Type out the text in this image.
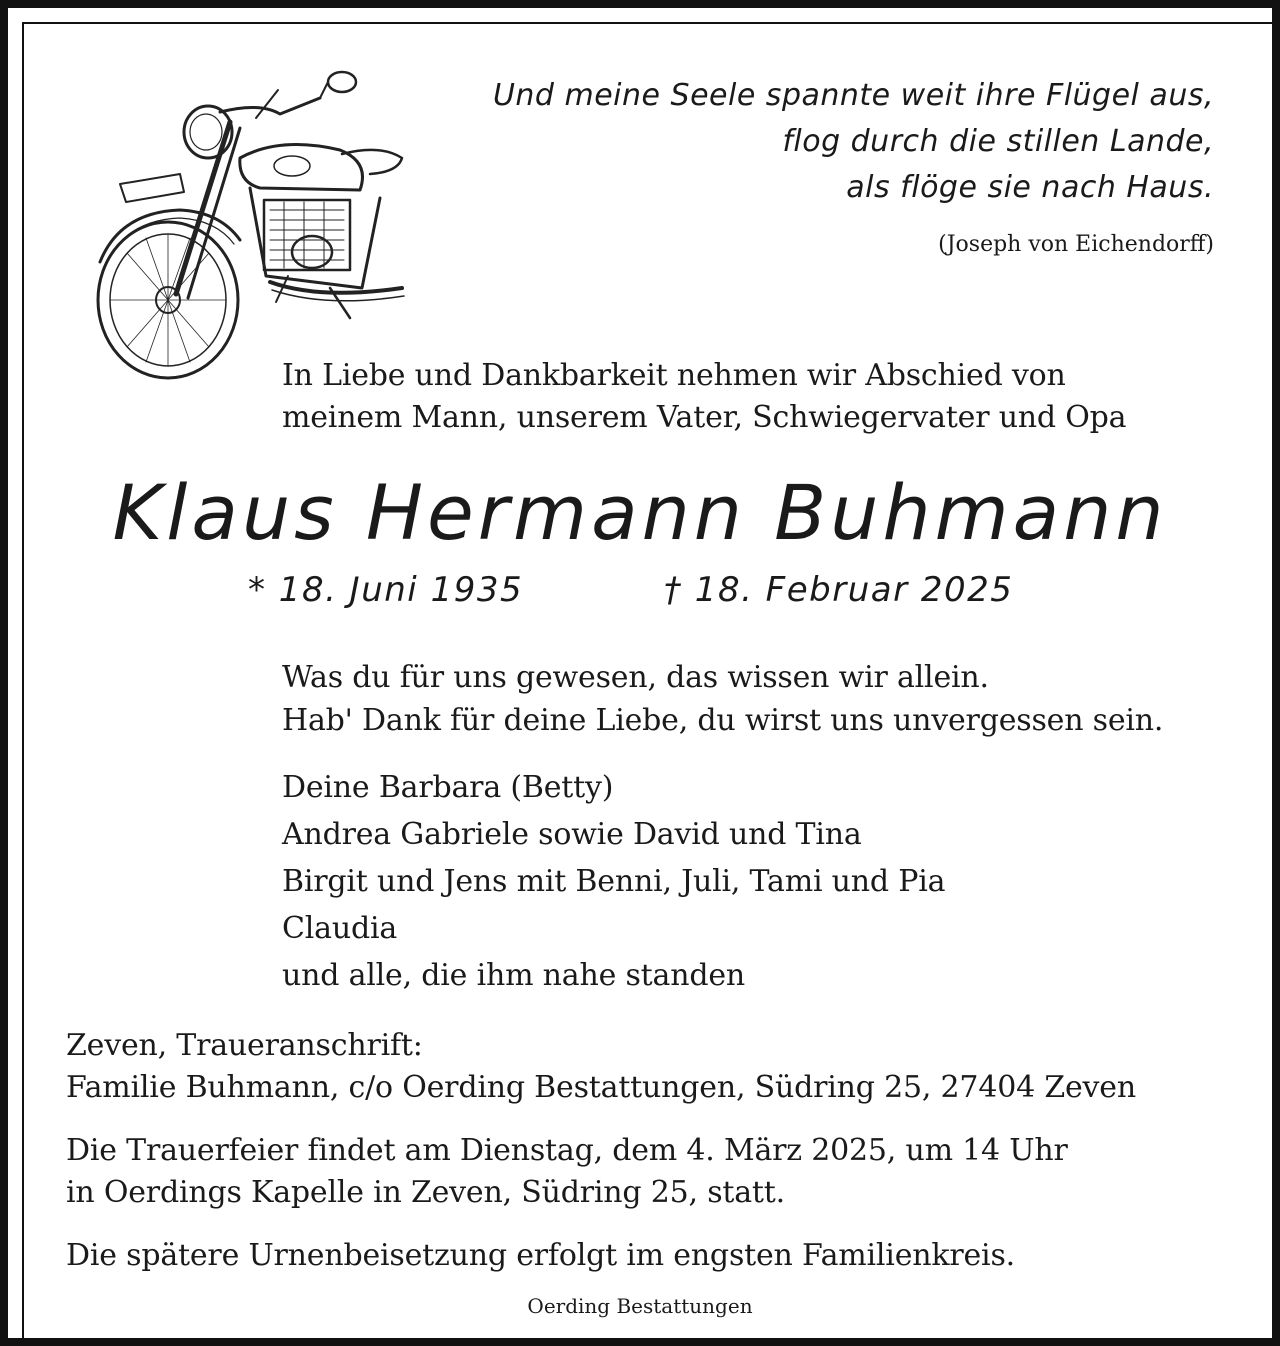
Und meine Seele spannte weit ihre Flügel aus,

flog durch die stillen Lande,

als flöge sie nach Haus.

(Joseph von Eichendorff)

In Liebe und Dankbarkeit nehmen wir Abschied von

meinem Mann, unserem Vater, Schwiegervater und Opa

Klaus Hermann Buhmann

* 18. Juni 1935	† 18. Februar 2025

Was du für uns gewesen, das wissen wir allein.

Hab' Dank für deine Liebe, du wirst uns unvergessen sein.

Deine Barbara (Betty)

Andrea Gabriele sowie David und Tina

Birgit und Jens mit Benni, Juli, Tami und Pia

Claudia

und alle, die ihm nahe standen

Zeven, Traueranschrift:

Familie Buhmann, c/o Oerding Bestattungen, Südring 25, 27404 Zeven

Die Trauerfeier findet am Dienstag, dem 4. März 2025, um 14 Uhr

in Oerdings Kapelle in Zeven, Südring 25, statt.

Die spätere Urnenbeisetzung erfolgt im engsten Familienkreis.

Oerding Bestattungen
